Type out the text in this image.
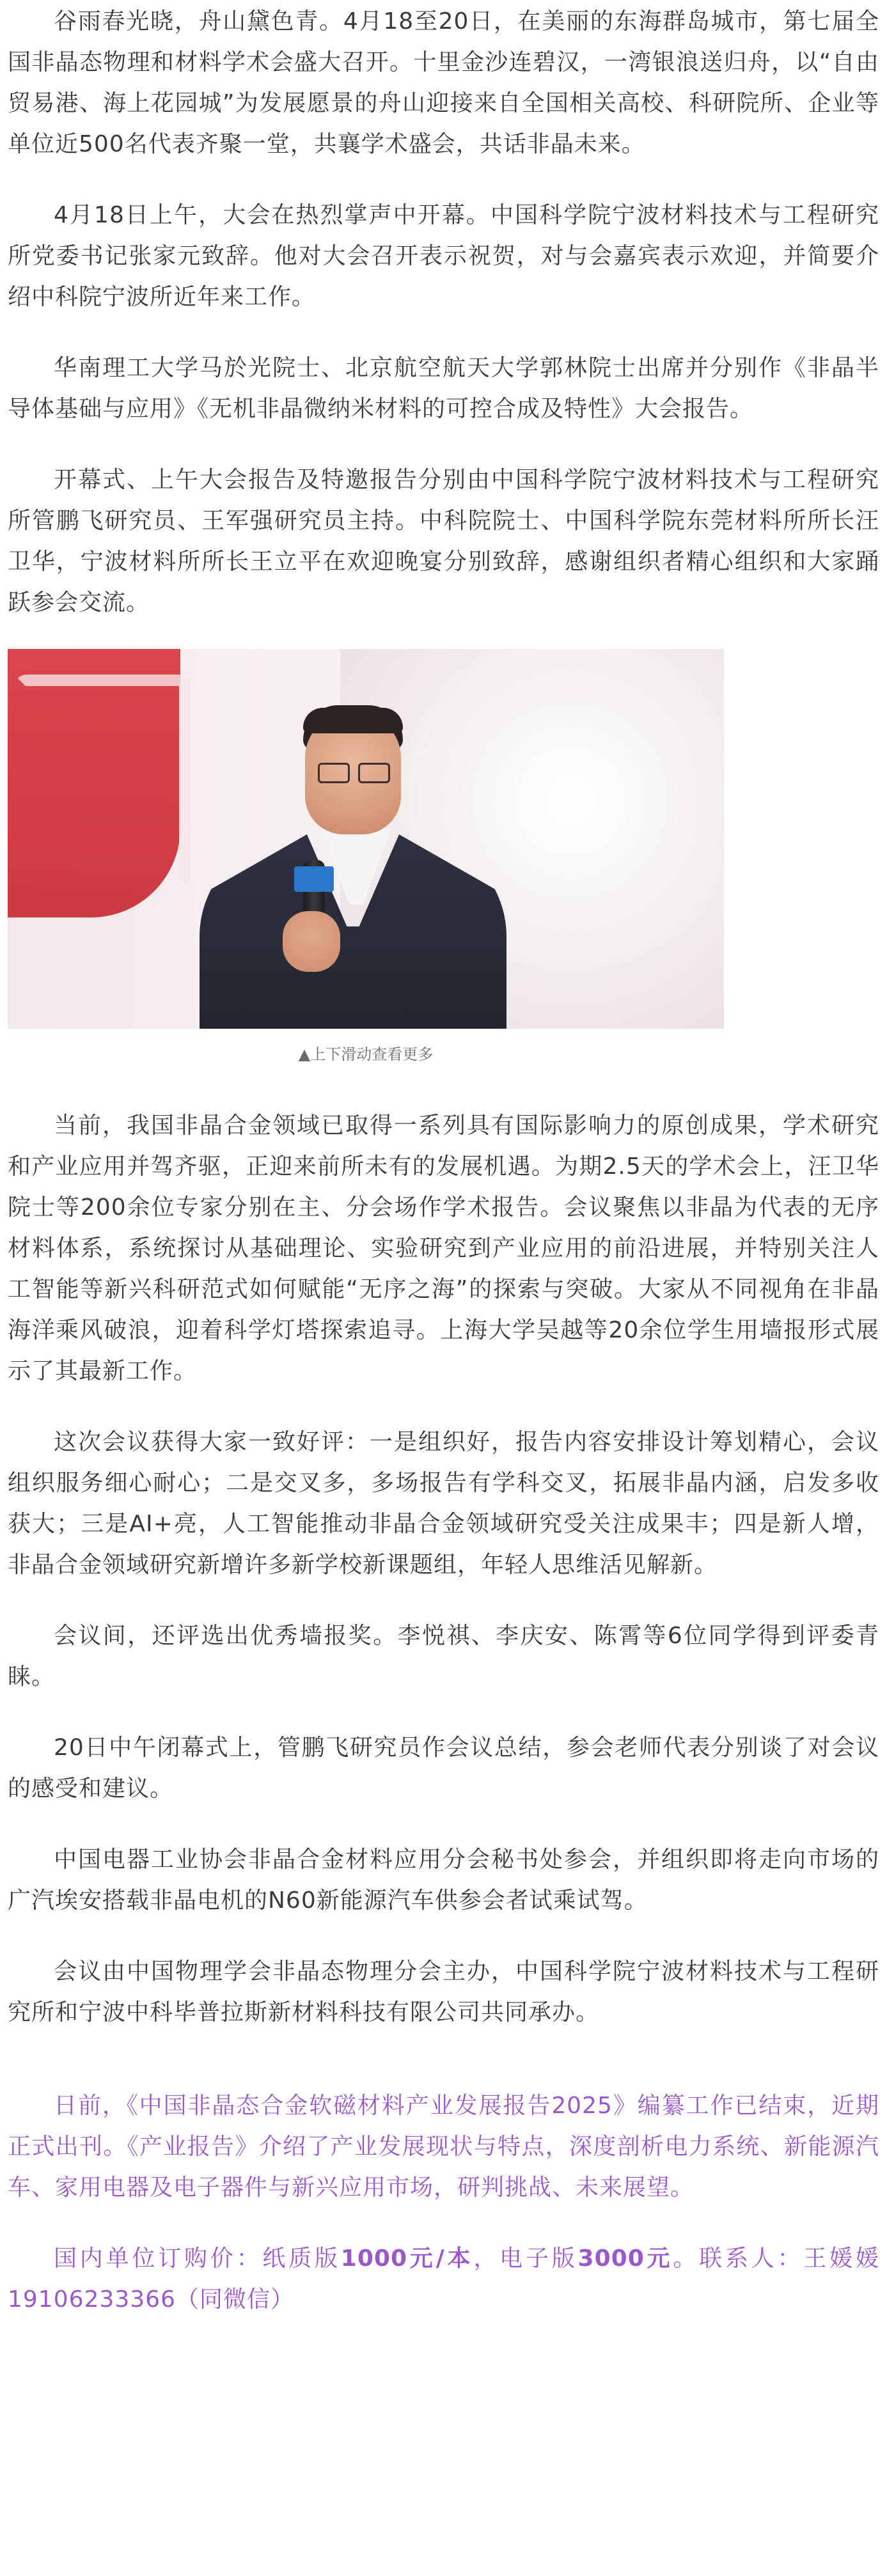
谷雨春光晓，舟山黛色青。4月18至20日，在美丽的东海群岛城市，第七届全国非晶态物理和材料学术会盛大召开。十里金沙连碧汉，一湾银浪送归舟，以“自由贸易港、海上花园城”为发展愿景的舟山迎接来自全国相关高校、科研院所、企业等单位近500名代表齐聚一堂，共襄学术盛会，共话非晶未来。

4月18日上午，大会在热烈掌声中开幕。中国科学院宁波材料技术与工程研究所党委书记张家元致辞。他对大会召开表示祝贺，对与会嘉宾表示欢迎，并简要介绍中科院宁波所近年来工作。

华南理工大学马於光院士、北京航空航天大学郭林院士出席并分别作《非晶半导体基础与应用》《无机非晶微纳米材料的可控合成及特性》大会报告。

开幕式、上午大会报告及特邀报告分别由中国科学院宁波材料技术与工程研究所管鹏飞研究员、王军强研究员主持。中科院院士、中国科学院东莞材料所所长汪卫华，宁波材料所所长王立平在欢迎晚宴分别致辞，感谢组织者精心组织和大家踊跃参会交流。

▲上下滑动查看更多

当前，我国非晶合金领域已取得一系列具有国际影响力的原创成果，学术研究和产业应用并驾齐驱，正迎来前所未有的发展机遇。为期2.5天的学术会上，汪卫华院士等200余位专家分别在主、分会场作学术报告。会议聚焦以非晶为代表的无序材料体系，系统探讨从基础理论、实验研究到产业应用的前沿进展，并特别关注人工智能等新兴科研范式如何赋能“无序之海”的探索与突破。大家从不同视角在非晶海洋乘风破浪，迎着科学灯塔探索追寻。上海大学吴越等20余位学生用墙报形式展示了其最新工作。

这次会议获得大家一致好评：一是组织好，报告内容安排设计筹划精心，会议组织服务细心耐心；二是交叉多，多场报告有学科交叉，拓展非晶内涵，启发多收获大；三是AI+亮，人工智能推动非晶合金领域研究受关注成果丰；四是新人增，非晶合金领域研究新增许多新学校新课题组，年轻人思维活见解新。

会议间，还评选出优秀墙报奖。李悦祺、李庆安、陈霄等6位同学得到评委青睐。

20日中午闭幕式上，管鹏飞研究员作会议总结，参会老师代表分别谈了对会议的感受和建议。

中国电器工业协会非晶合金材料应用分会秘书处参会，并组织即将走向市场的广汽埃安搭载非晶电机的N60新能源汽车供参会者试乘试驾。

会议由中国物理学会非晶态物理分会主办，中国科学院宁波材料技术与工程研究所和宁波中科毕普拉斯新材料科技有限公司共同承办。

日前，《中国非晶态合金软磁材料产业发展报告2025》编纂工作已结束，近期正式出刊。《产业报告》介绍了产业发展现状与特点，深度剖析电力系统、新能源汽车、家用电器及电子器件与新兴应用市场，研判挑战、未来展望。

国内单位订购价：纸质版1000元/本，电子版3000元。联系人：王媛媛 19106233366（同微信）
